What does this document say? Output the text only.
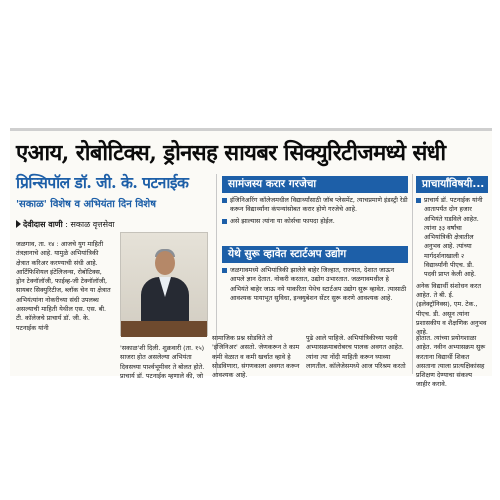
एआय, रोबोटिक्स, ड्रोनसह सायबर सिक्युरिटीजमध्ये संधी
प्रिन्सिपॉल डॉ. जी. के. पटनाईक
'सकाळ' विशेष व अभियंता दिन विशेष
देवीदास वाणी : सकाळ वृत्तसेवा
जळगाव, ता. १४ : आजचे युग माहिती तंत्रज्ञानाचे आहे. यामुळे अभियांत्रिकी क्षेत्रात करिअर करण्याची संधी आहे. आर्टिफिशियल इंटेलिजन्स, रोबोटिक्स, ड्रोन टेक्नॉलॉजी, फाईव्ह-जी टेक्नॉलॉजी, सायबर सिक्युरिटीज, ब्लॉक चेन या क्षेत्रात अभियंत्यांना नोकरीच्या संधी उपलब्ध असल्याची माहिती येथील एस. एस. बी. टी. कॉलेजचे प्राचार्य डॉ. जी. के. पटनाईक यांनी
'सकाळ'शी दिली. शुक्रवारी (ता. १५) साजरा होत असलेल्या अभियंता दिवसच्या पार्श्वभूमीवर ते बोलत होते. प्राचार्य डॉ. पटनाईक म्हणाले की, जो
सामंजस्य करार गरजेचा
इंजिनिअरिंग कॉलेजमधील विद्यार्थ्यांसाठी जॉब प्लेसमेंट, त्याचप्रमाणे इंडस्ट्री रेडी करून विद्यार्थ्यांना कंपन्यांसोबत करार होणे गरजेचे आहे.
असे झाल्यास त्यांना या कोर्सचा फायदा होईल.
येथे सुरू व्हावेत स्टार्टअप उद्योग
जळगावमध्ये अभियांत्रिकी झालेले बाहेर जिल्हात, राज्यात, देशात जाऊन आपले ज्ञान देतात. नोकरी करतात, उद्योग उभारतात. जळगावमधील हे अभियंते बाहेर जाऊ नये याकरिता येथेच स्टार्टअप उद्योग सुरू व्हावेत. त्यासाठी आवश्यक पायाभूत सुविधा, इन्क्युबेशन सेंटर सुरू करणे आवश्यक आहे.
प्राचार्यांविषयी...
प्राचार्य डॉ. पटनाईक यांनी आतापर्यंत दोन हजार अभियंते घडविले आहेत. त्यांना ३३ वर्षांचा अभियांत्रिकी क्षेत्रातील अनुभव आहे. त्यांच्या मार्गदर्शनाखाली २ विद्यार्थ्यांनी पीएच. डी. पदवी प्राप्त केली आहे.
अनेक विद्यार्थी संशोधन करत आहेत. ते बी. ई. (इलेक्ट्रॉनिक्स), एम. टेक., पीएच. डी. असून त्यांना प्रशासकीय व शैक्षणिक अनुभव आहे.
सामाजिक प्रश्न सोडविते तो 'इंजिनिअर' असतो. जेणकरून ते काम कमी वेळात व कमी खर्चात व्हावे हे सोडविणारा, संगणकाला अवगत करून आवश्यक आहे.
पुढे आले पाहिजे. अभियांत्रिकीच्या पदवी अभ्यासक्रमाबरोबरच पालक अवगत आहेत. त्यांना त्या नोंदी माहिती करून घ्याव्या लागतील. कॉलेजेसमध्ये आज परिश्रम करतो
होतात. त्यांच्या प्रयोगशाळा आहेत. नवीन अभ्यासक्रम सुरू करताना विद्यार्थी शिकत असताना त्याला प्रात्यक्षिकांसह प्रशिक्षण देण्याचा संकल्प जाहीर करावे.
